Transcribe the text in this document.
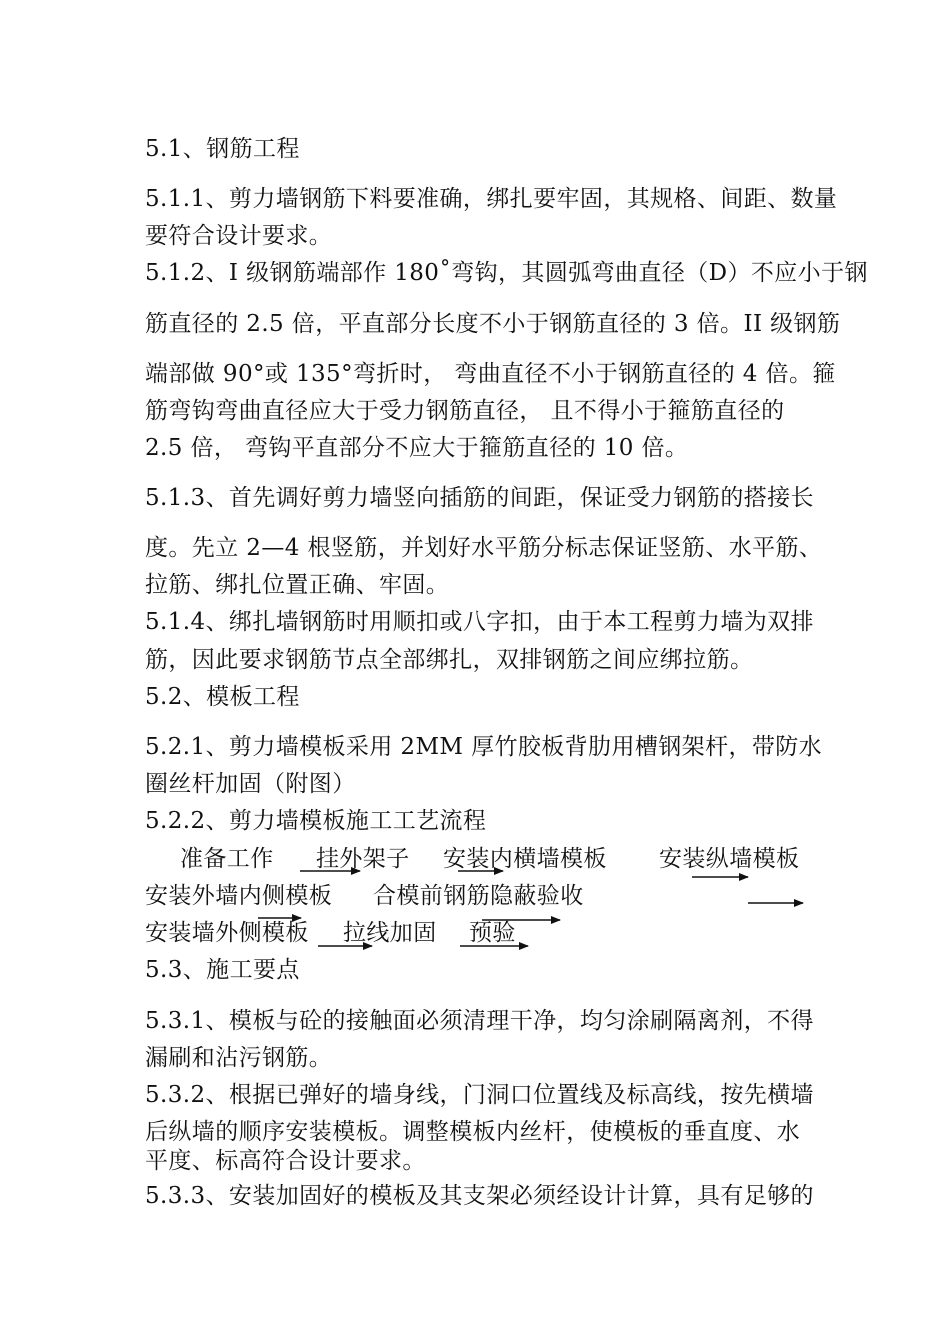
5.1、钢筋工程
5.1.1、剪力墙钢筋下料要准确，绑扎要牢固，其规格、间距、数量
要符合设计要求。
5.1.2、I 级钢筋端部作 180˚弯钩，其圆弧弯曲直径（D）不应小于钢
筋直径的 2.5 倍，平直部分长度不小于钢筋直径的 3 倍。II 级钢筋
端部做 90°或 135°弯折时， 弯曲直径不小于钢筋直径的 4 倍。箍
筋弯钩弯曲直径应大于受力钢筋直径， 且不得小于箍筋直径的
2.5 倍， 弯钩平直部分不应大于箍筋直径的 10 倍。
5.1.3、首先调好剪力墙竖向插筋的间距，保证受力钢筋的搭接长
度。先立 2—4 根竖筋，并划好水平筋分标志保证竖筋、水平筋、
拉筋、绑扎位置正确、牢固。
5.1.4、绑扎墙钢筋时用顺扣或八字扣，由于本工程剪力墙为双排
筋，因此要求钢筋节点全部绑扎，双排钢筋之间应绑拉筋。
5.2、模板工程
5.2.1、剪力墙模板采用 2MM 厚竹胶板背肋用槽钢架杆，带防水
圈丝杆加固（附图）
5.2.2、剪力墙模板施工工艺流程
准备工作 挂外架子 安装内横墙模板 安装纵墙模板
安装外墙内侧模板 合模前钢筋隐蔽验收
安装墙外侧模板 拉线加固 预验
5.3、施工要点
5.3.1、模板与砼的接触面必须清理干净，均匀涂刷隔离剂，不得
漏刷和沾污钢筋。
5.3.2、根据已弹好的墙身线，门洞口位置线及标高线，按先横墙
后纵墙的顺序安装模板。调整模板内丝杆，使模板的垂直度、水
平度、标高符合设计要求。
5.3.3、安装加固好的模板及其支架必须经设计计算，具有足够的
